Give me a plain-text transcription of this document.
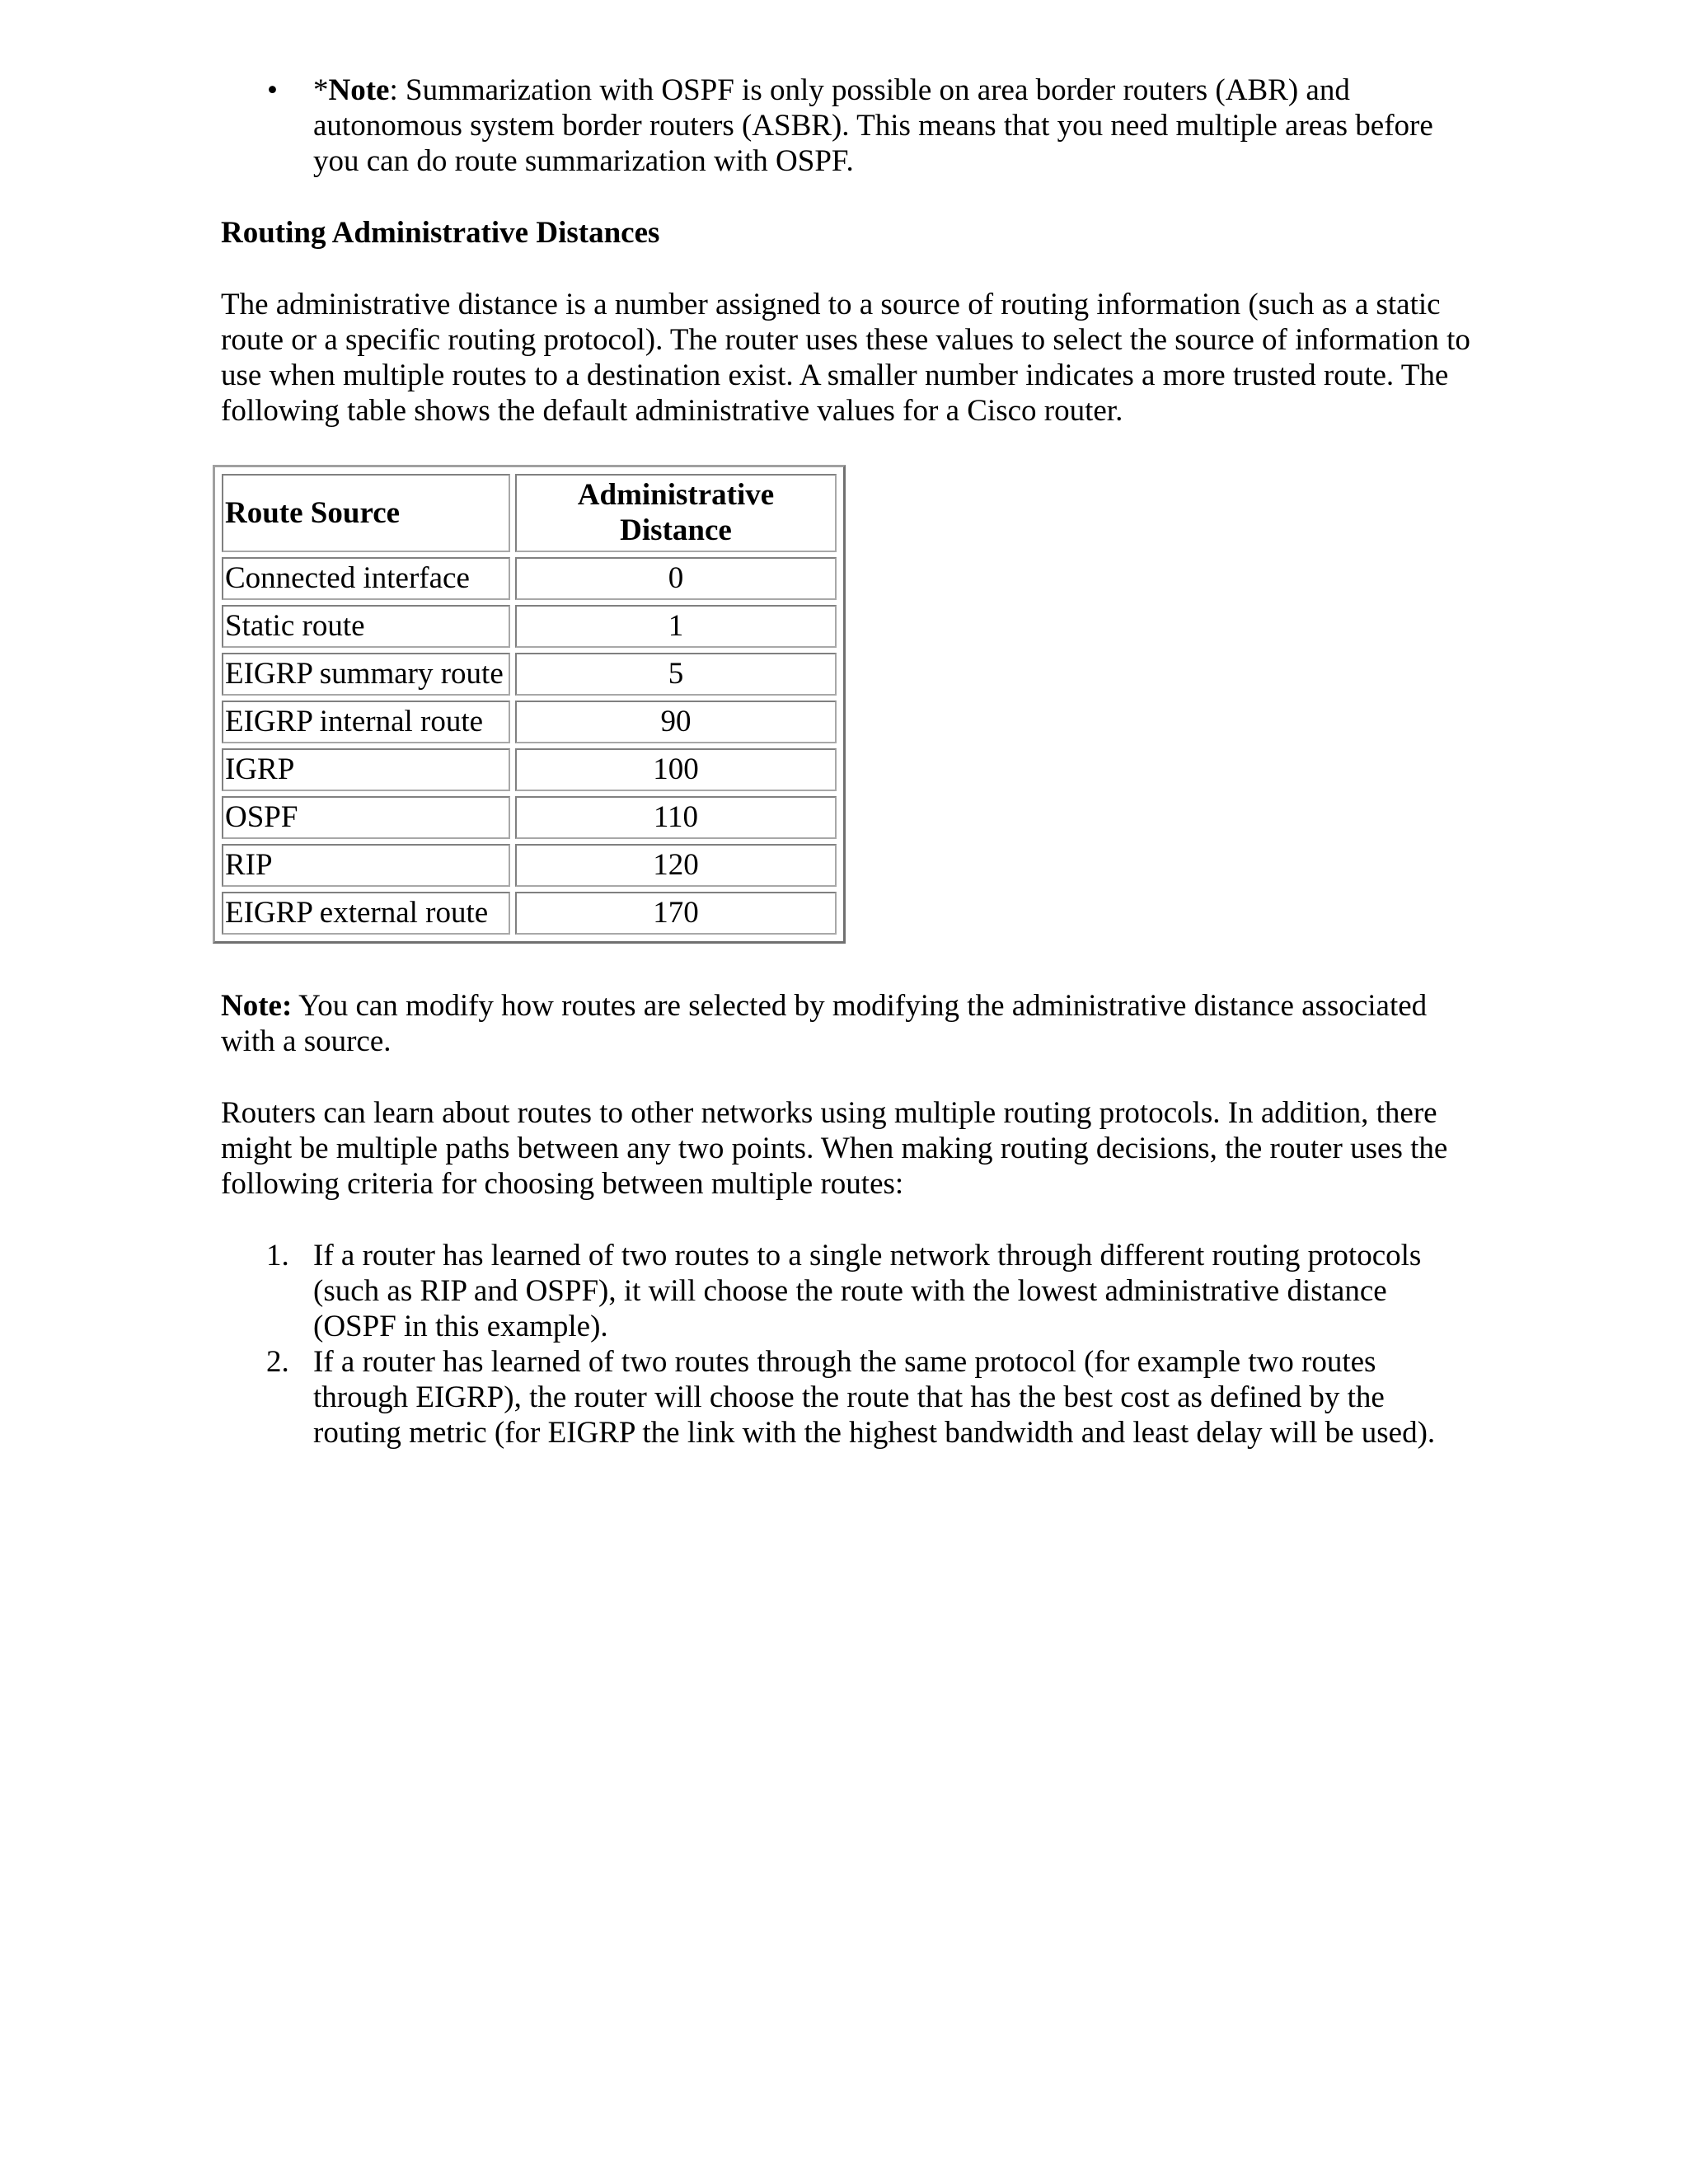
• *Note: Summarization with OSPF is only possible on area border routers (ABR) and autonomous system border routers (ASBR). This means that you need multiple areas before you can do route summarization with OSPF.

Routing Administrative Distances

The administrative distance is a number assigned to a source of routing information (such as a static route or a specific routing protocol). The router uses these values to select the source of information to use when multiple routes to a destination exist. A smaller number indicates a more trusted route. The following table shows the default administrative values for a Cisco router.

Route Source	Administrative Distance
Connected interface	0
Static route	1
EIGRP summary route	5
EIGRP internal route	90
IGRP	100
OSPF	110
RIP	120
EIGRP external route	170

Note: You can modify how routes are selected by modifying the administrative distance associated with a source.

Routers can learn about routes to other networks using multiple routing protocols. In addition, there might be multiple paths between any two points. When making routing decisions, the router uses the following criteria for choosing between multiple routes:

1. If a router has learned of two routes to a single network through different routing protocols (such as RIP and OSPF), it will choose the route with the lowest administrative distance (OSPF in this example).
2. If a router has learned of two routes through the same protocol (for example two routes through EIGRP), the router will choose the route that has the best cost as defined by the routing metric (for EIGRP the link with the highest bandwidth and least delay will be used).
